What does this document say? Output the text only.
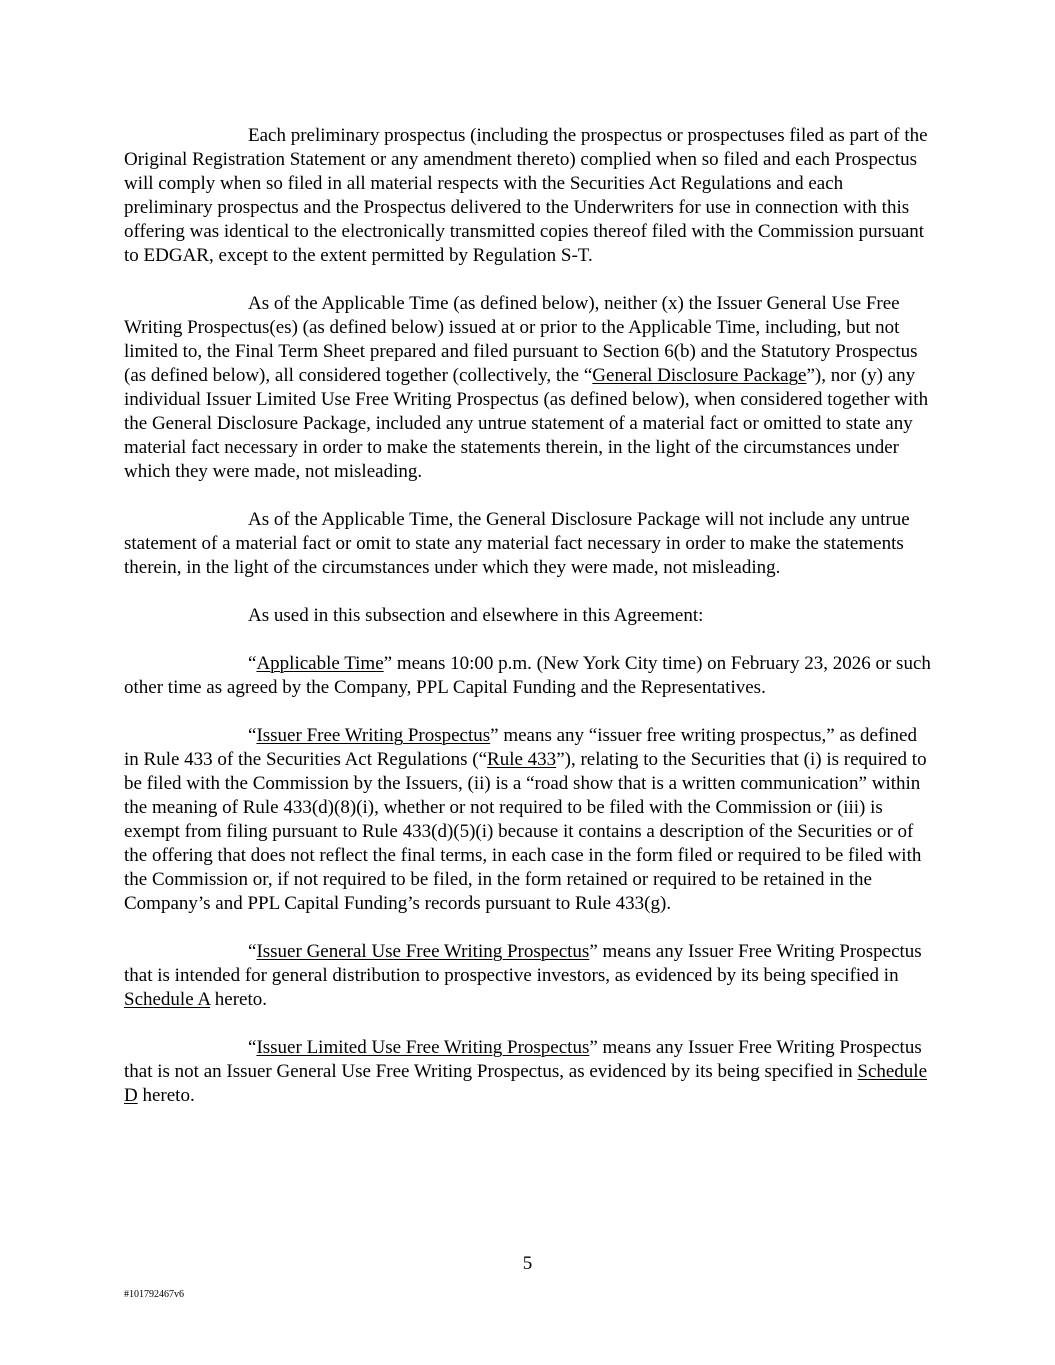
Each preliminary prospectus (including the prospectus or prospectuses filed as part of the Original Registration Statement or any amendment thereto) complied when so filed and each Prospectus will comply when so filed in all material respects with the Securities Act Regulations and each preliminary prospectus and the Prospectus delivered to the Underwriters for use in connection with this offering was identical to the electronically transmitted copies thereof filed with the Commission pursuant to EDGAR, except to the extent permitted by Regulation S-T.

As of the Applicable Time (as defined below), neither (x) the Issuer General Use Free Writing Prospectus(es) (as defined below) issued at or prior to the Applicable Time, including, but not limited to, the Final Term Sheet prepared and filed pursuant to Section 6(b) and the Statutory Prospectus (as defined below), all considered together (collectively, the “General Disclosure Package”), nor (y) any individual Issuer Limited Use Free Writing Prospectus (as defined below), when considered together with the General Disclosure Package, included any untrue statement of a material fact or omitted to state any material fact necessary in order to make the statements therein, in the light of the circumstances under which they were made, not misleading.

As of the Applicable Time, the General Disclosure Package will not include any untrue statement of a material fact or omit to state any material fact necessary in order to make the statements therein, in the light of the circumstances under which they were made, not misleading.

As used in this subsection and elsewhere in this Agreement:

“Applicable Time” means 10:00 p.m. (New York City time) on February 23, 2026 or such other time as agreed by the Company, PPL Capital Funding and the Representatives.

“Issuer Free Writing Prospectus” means any “issuer free writing prospectus,” as defined in Rule 433 of the Securities Act Regulations (“Rule 433”), relating to the Securities that (i) is required to be filed with the Commission by the Issuers, (ii) is a “road show that is a written communication” within the meaning of Rule 433(d)(8)(i), whether or not required to be filed with the Commission or (iii) is exempt from filing pursuant to Rule 433(d)(5)(i) because it contains a description of the Securities or of the offering that does not reflect the final terms, in each case in the form filed or required to be filed with the Commission or, if not required to be filed, in the form retained or required to be retained in the Company’s and PPL Capital Funding’s records pursuant to Rule 433(g).

“Issuer General Use Free Writing Prospectus” means any Issuer Free Writing Prospectus that is intended for general distribution to prospective investors, as evidenced by its being specified in Schedule A hereto.

“Issuer Limited Use Free Writing Prospectus” means any Issuer Free Writing Prospectus that is not an Issuer General Use Free Writing Prospectus, as evidenced by its being specified in Schedule D hereto.

5
#101792467v6
